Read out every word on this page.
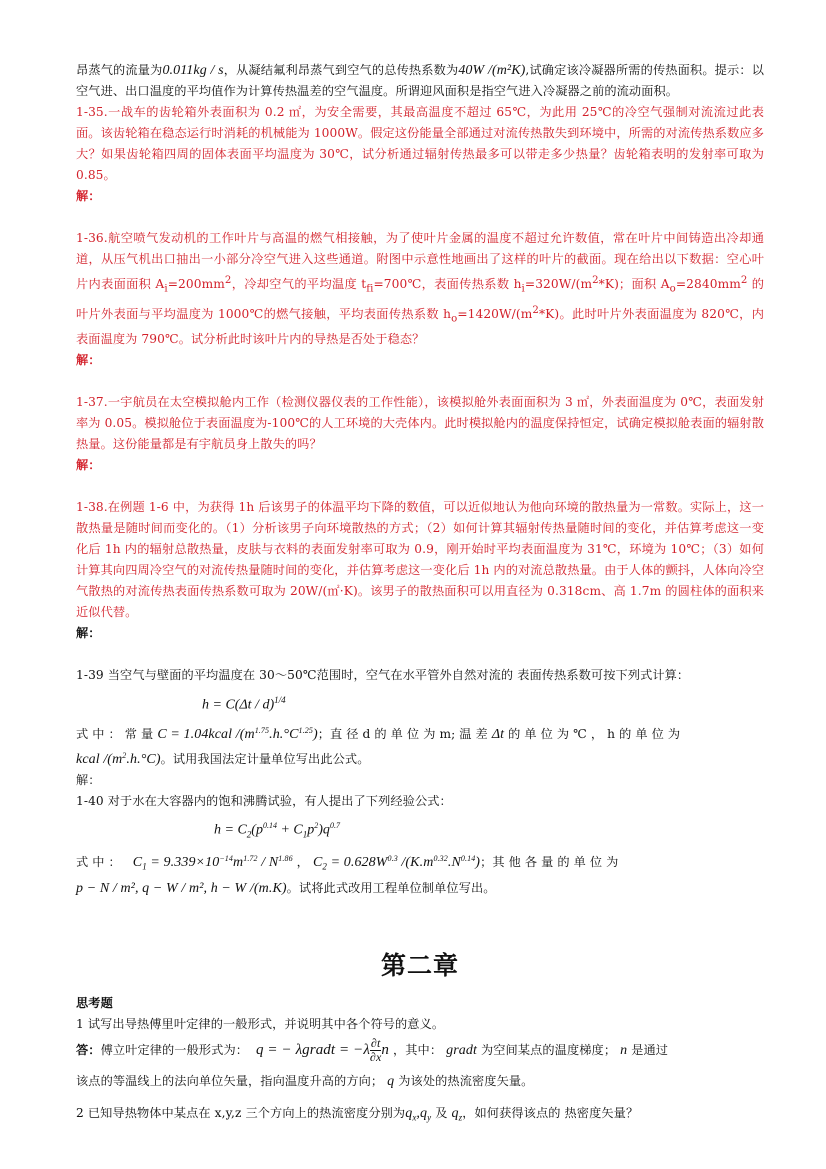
昂蒸气的流量为0.011kg / s，从凝结氟利昂蒸气到空气的总传热系数为40W /(m²K),试确定该冷凝器所需的传热面积。提示：以空气进、出口温度的平均值作为计算传热温差的空气温度。所谓迎风面积是指空气进入冷凝器之前的流动面积。

1-35.一战车的齿轮箱外表面积为 0.2 ㎡，为安全需要，其最高温度不超过 65℃，为此用 25℃的冷空气强制对流流过此表面。该齿轮箱在稳态运行时消耗的机械能为 1000W。假定这份能量全部通过对流传热散失到环境中，所需的对流传热系数应多大？如果齿轮箱四周的固体表面平均温度为 30℃，试分析通过辐射传热最多可以带走多少热量？齿轮箱表明的发射率可取为 0.85。

解：

1-36.航空喷气发动机的工作叶片与高温的燃气相接触，为了使叶片金属的温度不超过允许数值，常在叶片中间铸造出冷却通道，从压气机出口抽出一小部分冷空气进入这些通道。附图中示意性地画出了这样的叶片的截面。现在给出以下数据：空心叶片内表面面积 $A_i=200mm^2$，冷却空气的平均温度 $t_{fi}=700℃$，表面传热系数 $h_i=320W/(m^2*K)$；面积 $A_o=2840mm^2$ 的叶片外表面与平均温度为 1000℃的燃气接触，平均表面传热系数 $h_o=1420W/(m^2*K)$。此时叶片外表面温度为 820℃，内表面温度为 790℃。试分析此时该叶片内的导热是否处于稳态？

解：

1-37.一宇航员在太空模拟舱内工作（检测仪器仪表的工作性能），该模拟舱外表面面积为 3 ㎡，外表面温度为 0℃，表面发射率为 0.05。模拟舱位于表面温度为-100℃的人工环境的大壳体内。此时模拟舱内的温度保持恒定，试确定模拟舱表面的辐射散热量。这份能量都是有宇航员身上散失的吗？

解：

1-38.在例题 1-6 中，为获得 1h 后该男子的体温平均下降的数值，可以近似地认为他向环境的散热量为一常数。实际上，这一散热量是随时间而变化的。（1）分析该男子向环境散热的方式；（2）如何计算其辐射传热量随时间的变化，并估算考虑这一变化后 1h 内的辐射总散热量，皮肤与衣料的表面发射率可取为 0.9，刚开始时平均表面温度为 31℃，环境为 10℃；（3）如何计算其向四周冷空气的对流传热量随时间的变化，并估算考虑这一变化后 1h 内的对流总散热量。由于人体的颤抖，人体向冷空气散热的对流传热表面传热系数可取为 20W/(㎡·K)。该男子的散热面积可以用直径为 0.318cm、高 1.7m 的圆柱体的面积来近似代替。

解：

1-39 当空气与壁面的平均温度在 30～50℃范围时，空气在水平管外自然对流的 表面传热系数可按下列式计算：

h = C(Δt / d)$^{1/4}$

式 中 ： 常 量 C = 1.04kcal $/(m^{1.75}.h.^\circ C^{1.25})$；直 径 d 的 单 位 为 m; 温 差 Δt 的 单 位 为 ℃ ， h 的 单 位 为
kcal $/(m^2.h.^\circ C)$。试用我国法定计量单位写出此公式。

解：

1-40 对于水在大容器内的饱和沸腾试验，有人提出了下列经验公式：

$h = C_2(p^{0.14} + C_1p^2)q^{0.7}$

式 中 ： $C_1 = 9.339\times 10^{-14}m^{1.72} / N^{1.86}$ ， $C_2 = 0.628W^{0.3}$ $/(K.m^{0.32}.N^{0.14})$；其 他 各 量 的 单 位 为
p − N / m², q − W / m², h − W /(m.K)。试将此式改用工程单位制单位写出。

第二章

思考题

1 试写出导热傅里叶定律的一般形式，并说明其中各个符号的意义。

答：傅立叶定律的一般形式为： q = − λgradt = $-\lambda \frac{\partial t}{\partial x}$ n ，其中： gradt 为空间某点的温度梯度； n 是通过
该点的等温线上的法向单位矢量，指向温度升高的方向； q 为该处的热流密度矢量。

2 已知导热物体中某点在 x,y,z 三个方向上的热流密度分别为$q_x,q_y$ 及 $q_z$，如何获得该点的 热密度矢量？
